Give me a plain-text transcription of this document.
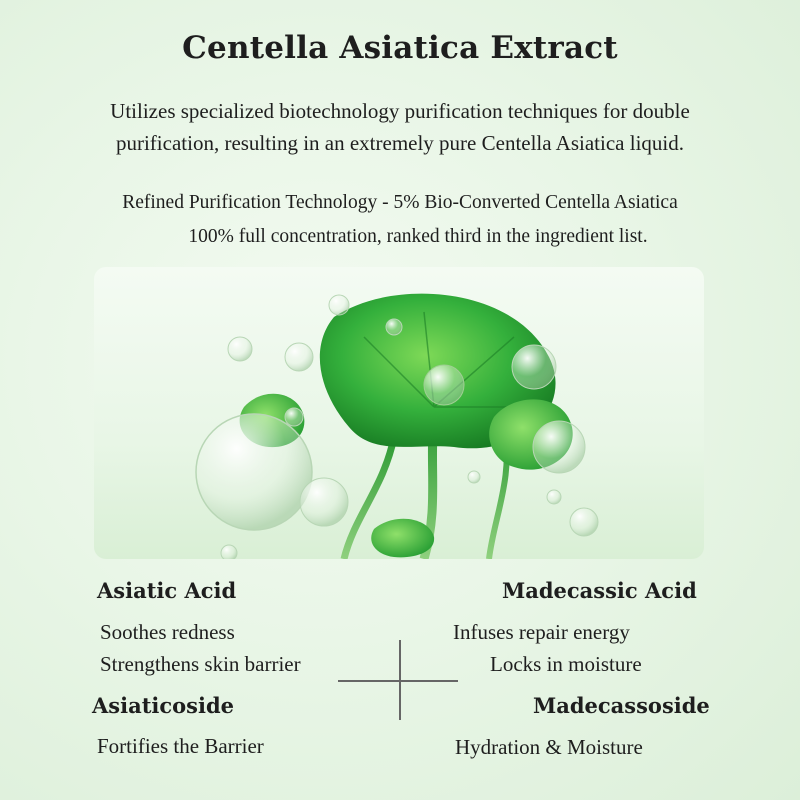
Centella Asiatica Extract
Utilizes specialized biotechnology purification techniques for double
purification, resulting in an extremely pure Centella Asiatica liquid.
Refined Purification Technology - 5% Bio-Converted Centella Asiatica
100% full concentration, ranked third in the ingredient list.
Asiatic Acid
Soothes redness
Strengthens skin barrier
Madecassic Acid
Infuses repair energy
Locks in moisture
Asiaticoside
Fortifies the Barrier
Madecassoside
Hydration & Moisture
